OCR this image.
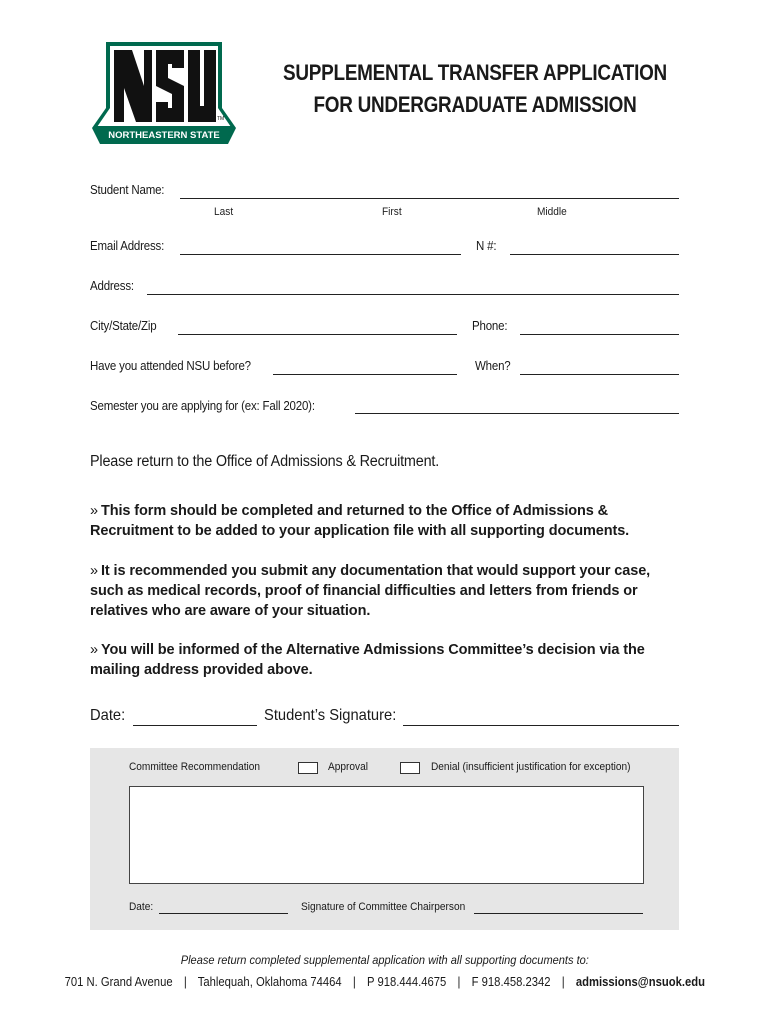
NORTHEASTERN STATE
TM
SUPPLEMENTAL TRANSFER APPLICATION
FOR UNDERGRADUATE ADMISSION
Student Name:
Last	First	Middle
Email Address:	N #:
Address:
City/State/Zip	Phone:
Have you attended NSU before?	When?
Semester you are applying for (ex: Fall 2020):
Please return to the Office of Admissions & Recruitment.
» This form should be completed and returned to the Office of Admissions & Recruitment to be added to your application file with all supporting documents.
» It is recommended you submit any documentation that would support your case, such as medical records, proof of financial difficulties and letters from friends or relatives who are aware of your situation.
» You will be informed of the Alternative Admissions Committee’s decision via the mailing address provided above.
Date:	Student’s Signature:
Committee Recommendation	Approval	Denial (insufficient justification for exception)
Date:	Signature of Committee Chairperson
Please return completed supplemental application with all supporting documents to:
701 N. Grand Avenue | Tahlequah, Oklahoma 74464 | P 918.444.4675 | F 918.458.2342 | admissions@nsuok.edu
